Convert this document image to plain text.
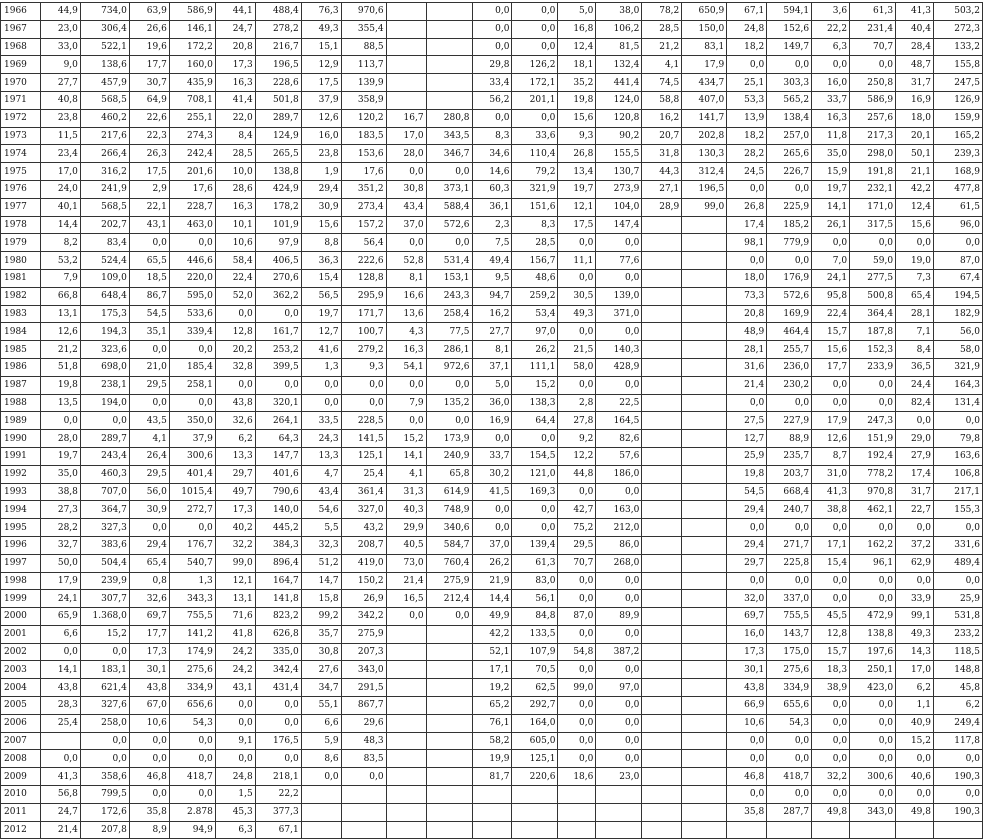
1966	44,9	734,0	63,9	586,9	44,1	488,4	76,3	970,6			0,0	0,0	5,0	38,0	78,2	650,9	67,1	594,1	3,6	61,3	41,3	503,2
1967	23,0	306,4	26,6	146,1	24,7	278,2	49,3	355,4			0,0	0,0	16,8	106,2	28,5	150,0	24,8	152,6	22,2	231,4	40,4	272,3
1968	33,0	522,1	19,6	172,2	20,8	216,7	15,1	88,5			0,0	0,0	12,4	81,5	21,2	83,1	18,2	149,7	6,3	70,7	28,4	133,2
1969	9,0	138,6	17,7	160,0	17,3	196,5	12,9	113,7			29,8	126,2	18,1	132,4	4,1	17,9	0,0	0,0	0,0	0,0	48,7	155,8
1970	27,7	457,9	30,7	435,9	16,3	228,6	17,5	139,9			33,4	172,1	35,2	441,4	74,5	434,7	25,1	303,3	16,0	250,8	31,7	247,5
1971	40,8	568,5	64,9	708,1	41,4	501,8	37,9	358,9			56,2	201,1	19,8	124,0	58,8	407,0	53,3	565,2	33,7	586,9	16,9	126,9
1972	23,8	460,2	22,6	255,1	22,0	289,7	12,6	120,2	16,7	280,8	0,0	0,0	15,6	120,8	16,2	141,7	13,9	138,4	16,3	257,6	18,0	159,9
1973	11,5	217,6	22,3	274,3	8,4	124,9	16,0	183,5	17,0	343,5	8,3	33,6	9,3	90,2	20,7	202,8	18,2	257,0	11,8	217,3	20,1	165,2
1974	23,4	266,4	26,3	242,4	28,5	265,5	23,8	153,6	28,0	346,7	34,6	110,4	26,8	155,5	31,8	130,3	28,2	265,6	35,0	298,0	50,1	239,3
1975	17,0	316,2	17,5	201,6	10,0	138,8	1,9	17,6	0,0	0,0	14,6	79,2	13,4	130,7	44,3	312,4	24,5	226,7	15,9	191,8	21,1	168,9
1976	24,0	241,9	2,9	17,6	28,6	424,9	29,4	351,2	30,8	373,1	60,3	321,9	19,7	273,9	27,1	196,5	0,0	0,0	19,7	232,1	42,2	477,8
1977	40,1	568,5	22,1	228,7	16,3	178,2	30,9	273,4	43,4	588,4	36,1	151,6	12,1	104,0	28,9	99,0	26,8	225,9	14,1	171,0	12,4	61,5
1978	14,4	202,7	43,1	463,0	10,1	101,9	15,6	157,2	37,0	572,6	2,3	8,3	17,5	147,4			17,4	185,2	26,1	317,5	15,6	96,0
1979	8,2	83,4	0,0	0,0	10,6	97,9	8,8	56,4	0,0	0,0	7,5	28,5	0,0	0,0			98,1	779,9	0,0	0,0	0,0	0,0
1980	53,2	524,4	65,5	446,6	58,4	406,5	36,3	222,6	52,8	531,4	49,4	156,7	11,1	77,6			0,0	0,0	7,0	59,0	19,0	87,0
1981	7,9	109,0	18,5	220,0	22,4	270,6	15,4	128,8	8,1	153,1	9,5	48,6	0,0	0,0			18,0	176,9	24,1	277,5	7,3	67,4
1982	66,8	648,4	86,7	595,0	52,0	362,2	56,5	295,9	16,6	243,3	94,7	259,2	30,5	139,0			73,3	572,6	95,8	500,8	65,4	194,5
1983	13,1	175,3	54,5	533,6	0,0	0,0	19,7	171,7	13,6	258,4	16,2	53,4	49,3	371,0			20,8	169,9	22,4	364,4	28,1	182,9
1984	12,6	194,3	35,1	339,4	12,8	161,7	12,7	100,7	4,3	77,5	27,7	97,0	0,0	0,0			48,9	464,4	15,7	187,8	7,1	56,0
1985	21,2	323,6	0,0	0,0	20,2	253,2	41,6	279,2	16,3	286,1	8,1	26,2	21,5	140,3			28,1	255,7	15,6	152,3	8,4	58,0
1986	51,8	698,0	21,0	185,4	32,8	399,5	1,3	9,3	54,1	972,6	37,1	111,1	58,0	428,9			31,6	236,0	17,7	233,9	36,5	321,9
1987	19,8	238,1	29,5	258,1	0,0	0,0	0,0	0,0	0,0	0,0	5,0	15,2	0,0	0,0			21,4	230,2	0,0	0,0	24,4	164,3
1988	13,5	194,0	0,0	0,0	43,8	320,1	0,0	0,0	7,9	135,2	36,0	138,3	2,8	22,5			0,0	0,0	0,0	0,0	82,4	131,4
1989	0,0	0,0	43,5	350,0	32,6	264,1	33,5	228,5	0,0	0,0	16,9	64,4	27,8	164,5			27,5	227,9	17,9	247,3	0,0	0,0
1990	28,0	289,7	4,1	37,9	6,2	64,3	24,3	141,5	15,2	173,9	0,0	0,0	9,2	82,6			12,7	88,9	12,6	151,9	29,0	79,8
1991	19,7	243,4	26,4	300,6	13,3	147,7	13,3	125,1	14,1	240,9	33,7	154,5	12,2	57,6			25,9	235,7	8,7	192,4	27,9	163,6
1992	35,0	460,3	29,5	401,4	29,7	401,6	4,7	25,4	4,1	65,8	30,2	121,0	44,8	186,0			19,8	203,7	31,0	778,2	17,4	106,8
1993	38,8	707,0	56,0	1015,4	49,7	790,6	43,4	361,4	31,3	614,9	41,5	169,3	0,0	0,0			54,5	668,4	41,3	970,8	31,7	217,1
1994	27,3	364,7	30,9	272,7	17,3	140,0	54,6	327,0	40,3	748,9	0,0	0,0	42,7	163,0			29,4	240,7	38,8	462,1	22,7	155,3
1995	28,2	327,3	0,0	0,0	40,2	445,2	5,5	43,2	29,9	340,6	0,0	0,0	75,2	212,0			0,0	0,0	0,0	0,0	0,0	0,0
1996	32,7	383,6	29,4	176,7	32,2	384,3	32,3	208,7	40,5	584,7	37,0	139,4	29,5	86,0			29,4	271,7	17,1	162,2	37,2	331,6
1997	50,0	504,4	65,4	540,7	99,0	896,4	51,2	419,0	73,0	760,4	26,2	61,3	70,7	268,0			29,7	225,8	15,4	96,1	62,9	489,4
1998	17,9	239,9	0,8	1,3	12,1	164,7	14,7	150,2	21,4	275,9	21,9	83,0	0,0	0,0			0,0	0,0	0,0	0,0	0,0	0,0
1999	24,1	307,7	32,6	343,3	13,1	141,8	15,8	26,9	16,5	212,4	14,4	56,1	0,0	0,0			32,0	337,0	0,0	0,0	33,9	25,9
2000	65,9	1.368,0	69,7	755,5	71,6	823,2	99,2	342,2	0,0	0,0	49,9	84,8	87,0	89,9			69,7	755,5	45,5	472,9	99,1	531,8
2001	6,6	15,2	17,7	141,2	41,8	626,8	35,7	275,9			42,2	133,5	0,0	0,0			16,0	143,7	12,8	138,8	49,3	233,2
2002	0,0	0,0	17,3	174,9	24,2	335,0	30,8	207,3			52,1	107,9	54,8	387,2			17,3	175,0	15,7	197,6	14,3	118,5
2003	14,1	183,1	30,1	275,6	24,2	342,4	27,6	343,0			17,1	70,5	0,0	0,0			30,1	275,6	18,3	250,1	17,0	148,8
2004	43,8	621,4	43,8	334,9	43,1	431,4	34,7	291,5			19,2	62,5	99,0	97,0			43,8	334,9	38,9	423,0	6,2	45,8
2005	28,3	327,6	67,0	656,6	0,0	0,0	55,1	867,7			65,2	292,7	0,0	0,0			66,9	655,6	0,0	0,0	1,1	6,2
2006	25,4	258,0	10,6	54,3	0,0	0,0	6,6	29,6			76,1	164,0	0,0	0,0			10,6	54,3	0,0	0,0	40,9	249,4
2007		0,0	0,0	0,0	9,1	176,5	5,9	48,3			58,2	605,0	0,0	0,0			0,0	0,0	0,0	0,0	15,2	117,8
2008	0,0	0,0	0,0	0,0	0,0	0,0	8,6	83,5			19,9	125,1	0,0	0,0			0,0	0,0	0,0	0,0	0,0	0,0
2009	41,3	358,6	46,8	418,7	24,8	218,1	0,0	0,0			81,7	220,6	18,6	23,0			46,8	418,7	32,2	300,6	40,6	190,3
2010	56,8	799,5	0,0	0,0	1,5	22,2											0,0	0,0	0,0	0,0	0,0	0,0
2011	24,7	172,6	35,8	2.878	45,3	377,3											35,8	287,7	49,8	343,0	49,8	190,3
2012	21,4	207,8	8,9	94,9	6,3	67,1																
